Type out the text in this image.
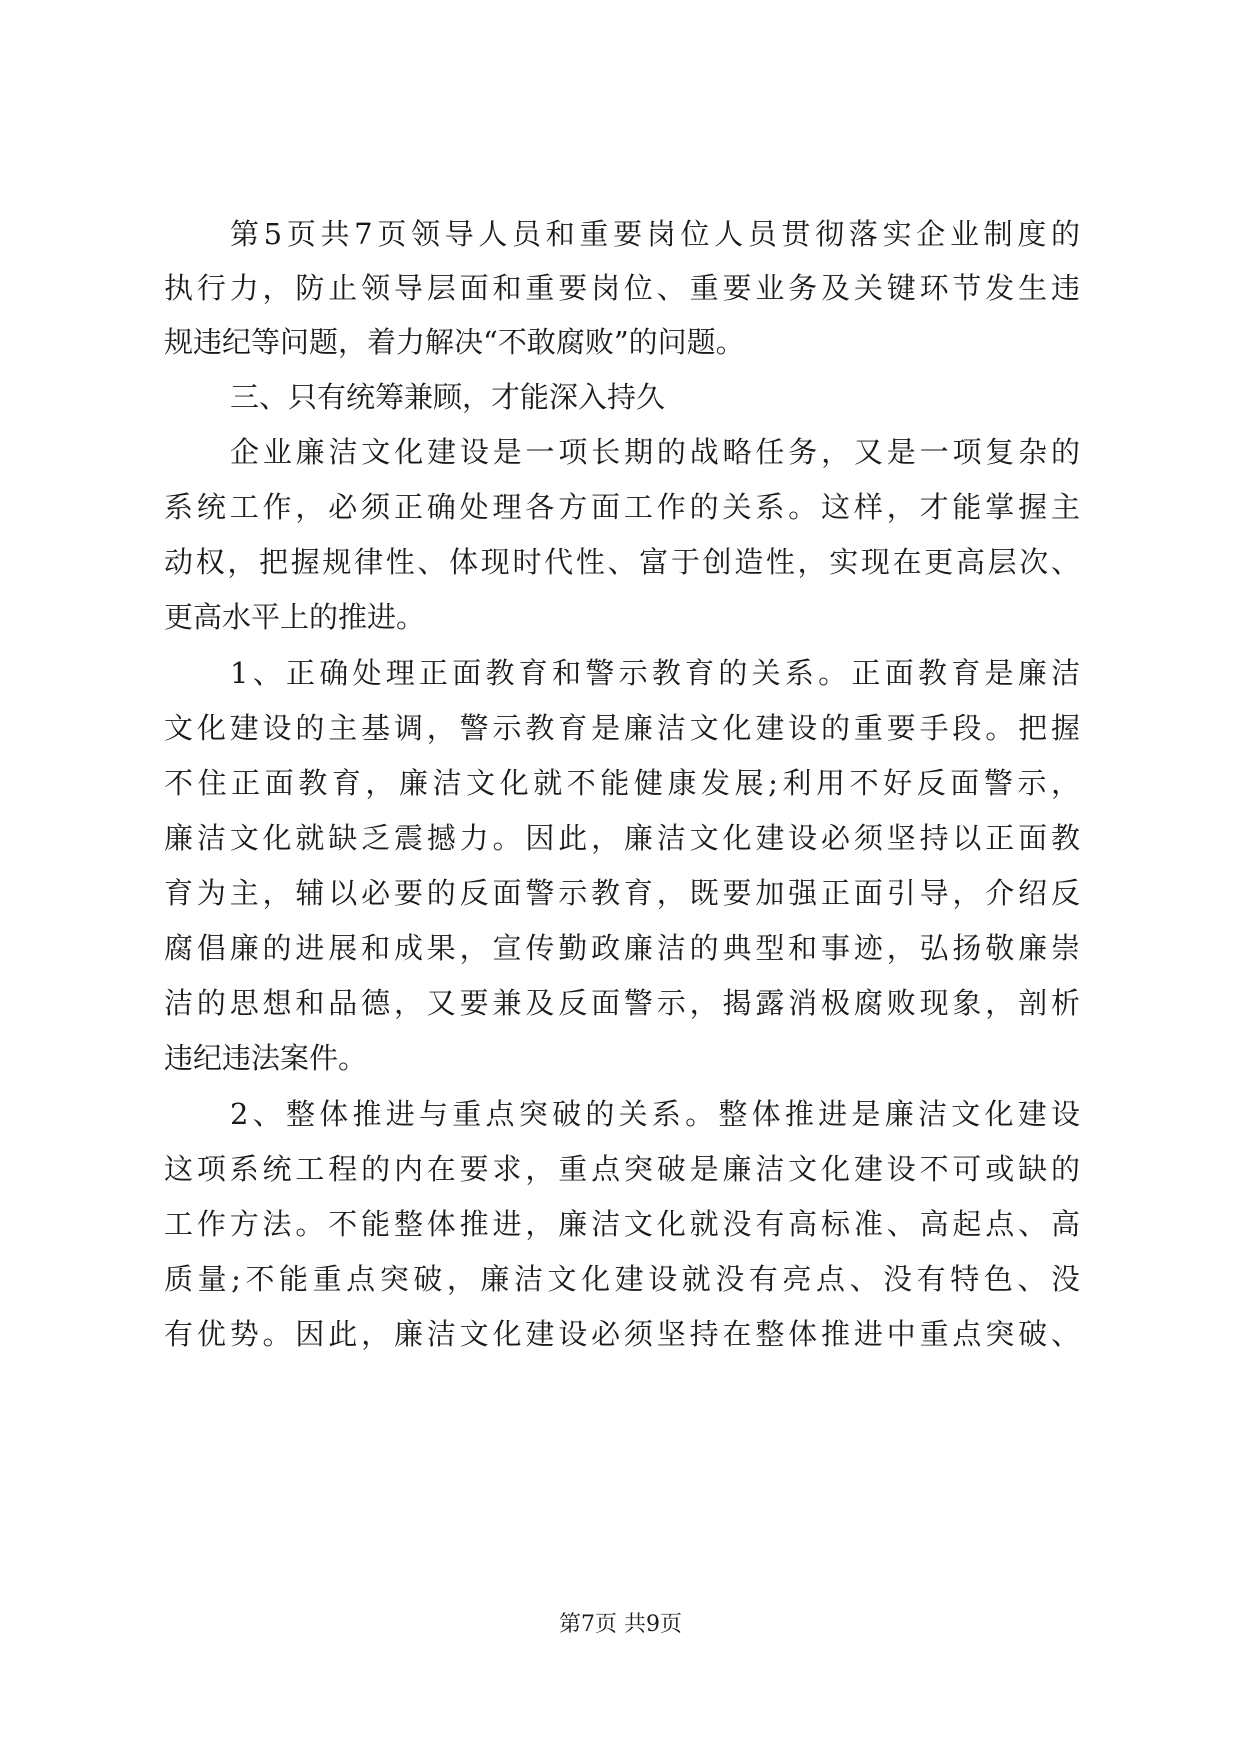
第5页共7页领导人员和重要岗位人员贯彻落实企业制度的

执行力，防止领导层面和重要岗位、重要业务及关键环节发生违

规违纪等问题，着力解决“不敢腐败”的问题。

三、只有统筹兼顾，才能深入持久

企业廉洁文化建设是一项长期的战略任务，又是一项复杂的

系统工作，必须正确处理各方面工作的关系。这样，才能掌握主

动权，把握规律性、体现时代性、富于创造性，实现在更高层次、

更高水平上的推进。

1、正确处理正面教育和警示教育的关系。正面教育是廉洁

文化建设的主基调，警示教育是廉洁文化建设的重要手段。把握

不住正面教育，廉洁文化就不能健康发展;利用不好反面警示，

廉洁文化就缺乏震撼力。因此，廉洁文化建设必须坚持以正面教

育为主，辅以必要的反面警示教育，既要加强正面引导，介绍反

腐倡廉的进展和成果，宣传勤政廉洁的典型和事迹，弘扬敬廉崇

洁的思想和品德，又要兼及反面警示，揭露消极腐败现象，剖析

违纪违法案件。

2、整体推进与重点突破的关系。整体推进是廉洁文化建设

这项系统工程的内在要求，重点突破是廉洁文化建设不可或缺的

工作方法。不能整体推进，廉洁文化就没有高标准、高起点、高

质量;不能重点突破，廉洁文化建设就没有亮点、没有特色、没

有优势。因此，廉洁文化建设必须坚持在整体推进中重点突破、

第7页 共9页
